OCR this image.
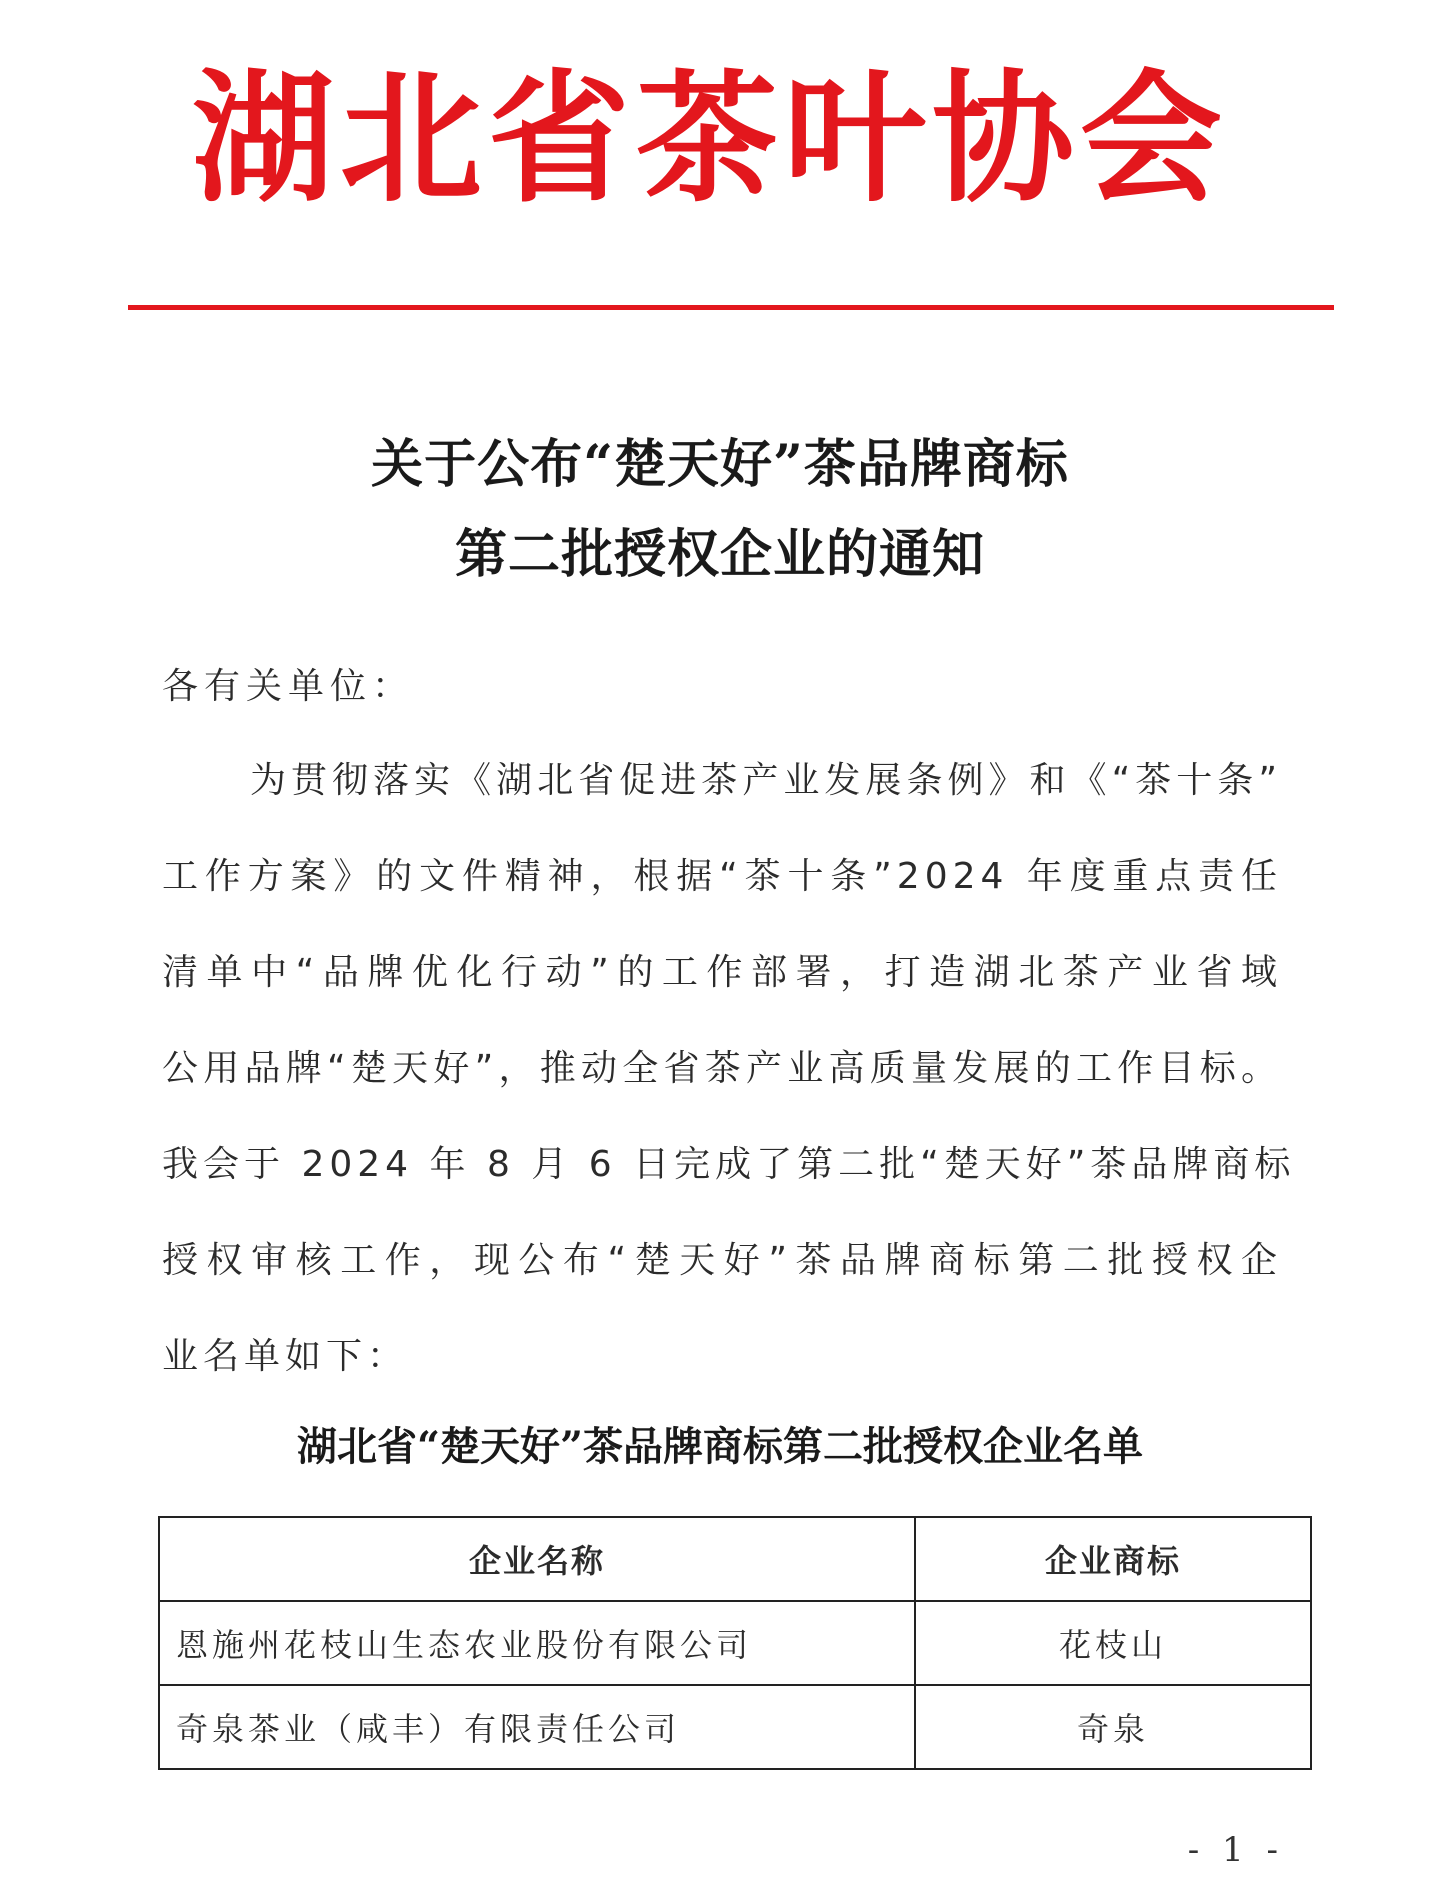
湖北省茶叶协会
关于公布“楚天好”茶品牌商标
第二批授权企业的通知
各有关单位：
为贯彻落实《湖北省促进茶产业发展条例》和《“茶十条”
工作方案》的文件精神，根据“茶十条”2024 年度重点责任
清单中“品牌优化行动”的工作部署，打造湖北茶产业省域
公用品牌“楚天好”，推动全省茶产业高质量发展的工作目标。
我会于 2024 年 8 月 6 日完成了第二批“楚天好”茶品牌商标
授权审核工作，现公布“楚天好”茶品牌商标第二批授权企
业名单如下：
湖北省“楚天好”茶品牌商标第二批授权企业名单
企业名称	企业商标
恩施州花枝山生态农业股份有限公司	花枝山
奇泉茶业（咸丰）有限责任公司	奇泉
- 1 -
